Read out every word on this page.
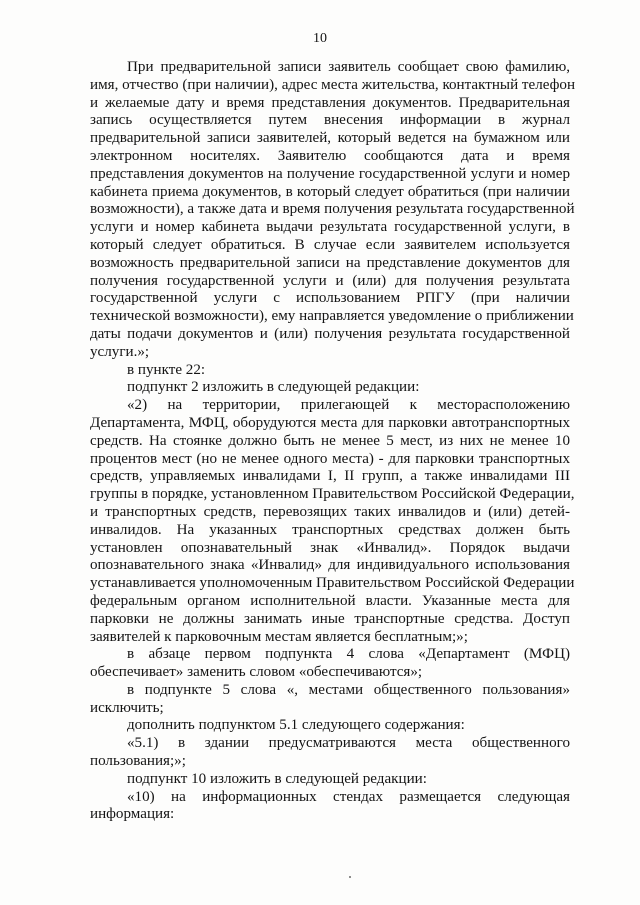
10
При предварительной записи заявитель сообщает свою фамилию,
имя, отчество (при наличии), адрес места жительства, контактный телефон
и желаемые дату и время представления документов. Предварительная
запись осуществляется путем внесения информации в журнал
предварительной записи заявителей, который ведется на бумажном или
электронном носителях. Заявителю сообщаются дата и время
представления документов на получение государственной услуги и номер
кабинета приема документов, в который следует обратиться (при наличии
возможности), а также дата и время получения результата государственной
услуги и номер кабинета выдачи результата государственной услуги, в
который следует обратиться. В случае если заявителем используется
возможность предварительной записи на представление документов для
получения государственной услуги и (или) для получения результата
государственной услуги с использованием РПГУ (при наличии
технической возможности), ему направляется уведомление о приближении
даты подачи документов и (или) получения результата государственной
услуги.»;
в пункте 22:
подпункт 2 изложить в следующей редакции:
«2) на территории, прилегающей к месторасположению
Департамента, МФЦ, оборудуются места для парковки автотранспортных
средств. На стоянке должно быть не менее 5 мест, из них не менее 10
процентов мест (но не менее одного места) - для парковки транспортных
средств, управляемых инвалидами I, II групп, а также инвалидами III
группы в порядке, установленном Правительством Российской Федерации,
и транспортных средств, перевозящих таких инвалидов и (или) детей-
инвалидов. На указанных транспортных средствах должен быть
установлен опознавательный знак «Инвалид». Порядок выдачи
опознавательного знака «Инвалид» для индивидуального использования
устанавливается уполномоченным Правительством Российской Федерации
федеральным органом исполнительной власти. Указанные места для
парковки не должны занимать иные транспортные средства. Доступ
заявителей к парковочным местам является бесплатным;»;
в абзаце первом подпункта 4 слова «Департамент (МФЦ)
обеспечивает» заменить словом «обеспечиваются»;
в подпункте 5 слова «, местами общественного пользования»
исключить;
дополнить подпунктом 5.1 следующего содержания:
«5.1) в здании предусматриваются места общественного
пользования;»;
подпункт 10 изложить в следующей редакции:
«10) на информационных стендах размещается следующая
информация:
